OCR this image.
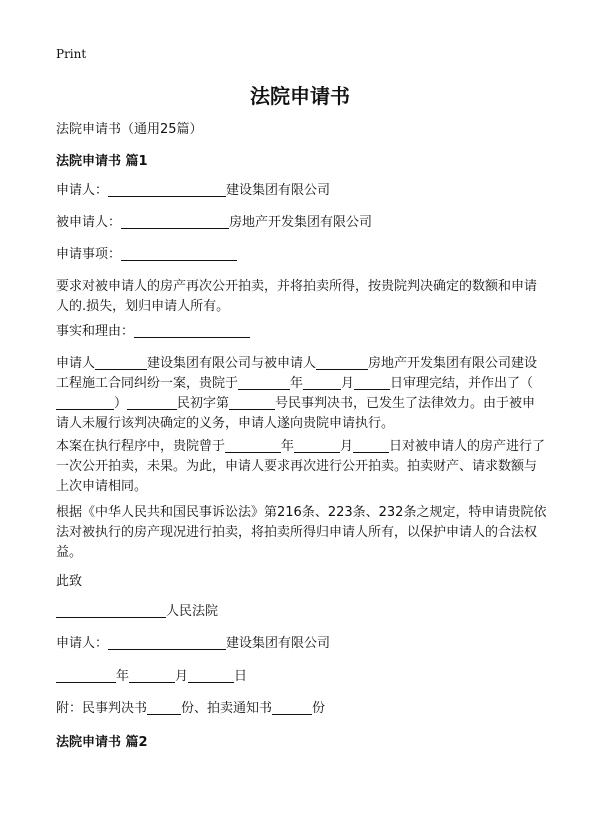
Print
法院申请书

法院申请书（通用25篇）

法院申请书 篇1

申请人：	建设集团有限公司

被申请人：	房地产开发集团有限公司

申请事项：

要求对被申请人的房产再次公开拍卖，并将拍卖所得，按贵院判决确定的数额和申请人的.损失，划归申请人所有。

事实和理由：

申请人	建设集团有限公司与被申请人	房地产开发集团有限公司建设工程施工合同纠纷一案，贵院于	年	月	日审理完结，并作出了（）	民初字第	号民事判决书，已发生了法律效力。由于被申请人未履行该判决确定的义务，申请人遂向贵院申请执行。

本案在执行程序中，贵院曾于	年	月	日对被申请人的房产进行了一次公开拍卖，未果。为此，申请人要求再次进行公开拍卖。拍卖财产、请求数额与上次申请相同。

根据《中华人民共和国民事诉讼法》第216条、223条、232条之规定，特申请贵院依法对被执行的房产现况进行拍卖，将拍卖所得归申请人所有，以保护申请人的合法权益。

此致

人民法院

申请人：	建设集团有限公司

年	月	日

附：民事判决书	份、拍卖通知书	份

法院申请书 篇2
